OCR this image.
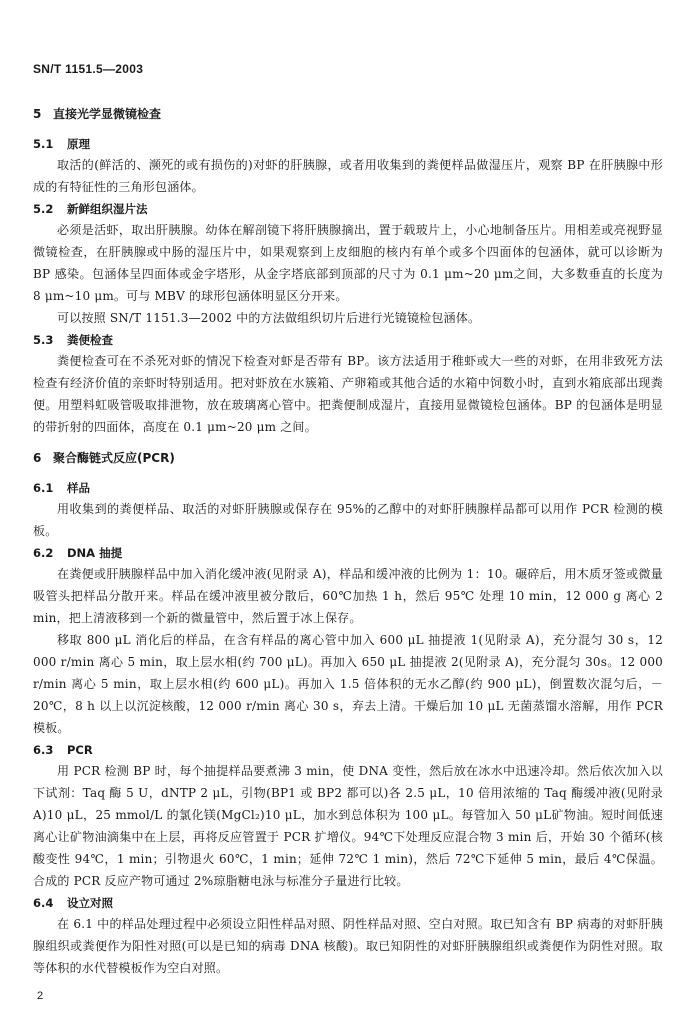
SN/T 1151.5—2003
5 直接光学显微镜检查
5.1 原理

取活的(鲜活的、濒死的或有损伤的)对虾的肝胰腺，或者用收集到的粪便样品做湿压片，观察 BP 在肝胰腺中形成的有特征性的三角形包涵体。

5.2 新鲜组织湿片法

必须是活虾，取出肝胰腺。幼体在解剖镜下将肝胰腺摘出，置于载玻片上，小心地制备压片。用相差或亮视野显微镜检查，在肝胰腺或中肠的湿压片中，如果观察到上皮细胞的核内有单个或多个四面体的包涵体，就可以诊断为 BP 感染。包涵体呈四面体或金字塔形，从金字塔底部到顶部的尺寸为 0.1 μm~20 μm之间，大多数垂直的长度为 8 μm~10 μm。可与 MBV 的球形包涵体明显区分开来。

可以按照 SN/T 1151.3—2002 中的方法做组织切片后进行光镜镜检包涵体。

5.3 粪便检查

粪便检查可在不杀死对虾的情况下检查对虾是否带有 BP。该方法适用于稚虾或大一些的对虾，在用非致死方法检查有经济价值的亲虾时特别适用。把对虾放在水簇箱、产卵箱或其他合适的水箱中饲数小时，直到水箱底部出现粪便。用塑料虹吸管吸取排泄物，放在玻璃离心管中。把粪便制成湿片，直接用显微镜检包涵体。BP 的包涵体是明显的带折射的四面体，高度在 0.1 μm~20 μm 之间。

6 聚合酶链式反应(PCR)
6.1 样品

用收集到的粪便样品、取活的对虾肝胰腺或保存在 95%的乙醇中的对虾肝胰腺样品都可以用作 PCR 检测的模板。

6.2 DNA 抽提

在粪便或肝胰腺样品中加入消化缓冲液(见附录 A)，样品和缓冲液的比例为 1：10。碾碎后，用木质牙签或微量吸管头把样品分散开来。样品在缓冲液里被分散后，60℃加热 1 h，然后 95℃ 处理 10 min，12 000 g 离心 2 min，把上清液移到一个新的微量管中，然后置于冰上保存。

移取 800 μL 消化后的样品，在含有样品的离心管中加入 600 μL 抽提液 1(见附录 A)，充分混匀 30 s，12 000 r/min 离心 5 min，取上层水相(约 700 μL)。再加入 650 μL 抽提液 2(见附录 A)，充分混匀 30s。12 000 r/min 离心 5 min，取上层水相(约 600 μL)。再加入 1.5 倍体积的无水乙醇(约 900 μL)，倒置数次混匀后，－20℃，8 h 以上以沉淀核酸，12 000 r/min 离心 30 s，弃去上清。干燥后加 10 μL 无菌蒸馏水溶解，用作 PCR 模板。

6.3 PCR

用 PCR 检测 BP 时，每个抽提样品要煮沸 3 min，使 DNA 变性，然后放在冰水中迅速冷却。然后依次加入以下试剂：Taq 酶 5 U，dNTP 2 μL，引物(BP1 或 BP2 都可以)各 2.5 μL，10 倍用浓缩的 Taq 酶缓冲液(见附录 A)10 μL，25 mmol/L 的氯化镁(MgCl₂)10 μL，加水到总体积为 100 μL。每管加入 50 μL矿物油。短时间低速离心让矿物油滴集中在上层，再将反应管置于 PCR 扩增仪。94℃下处理反应混合物 3 min 后，开始 30 个循环(核酸变性 94℃，1 min；引物退火 60℃，1 min；延伸 72℃ 1 min)，然后 72℃下延伸 5 min，最后 4℃保温。合成的 PCR 反应产物可通过 2%琼脂糖电泳与标准分子量进行比较。

6.4 设立对照

在 6.1 中的样品处理过程中必须设立阳性样品对照、阴性样品对照、空白对照。取已知含有 BP 病毒的对虾肝胰腺组织或粪便作为阳性对照(可以是已知的病毒 DNA 核酸)。取已知阴性的对虾肝胰腺组织或粪便作为阴性对照。取等体积的水代替模板作为空白对照。

2
